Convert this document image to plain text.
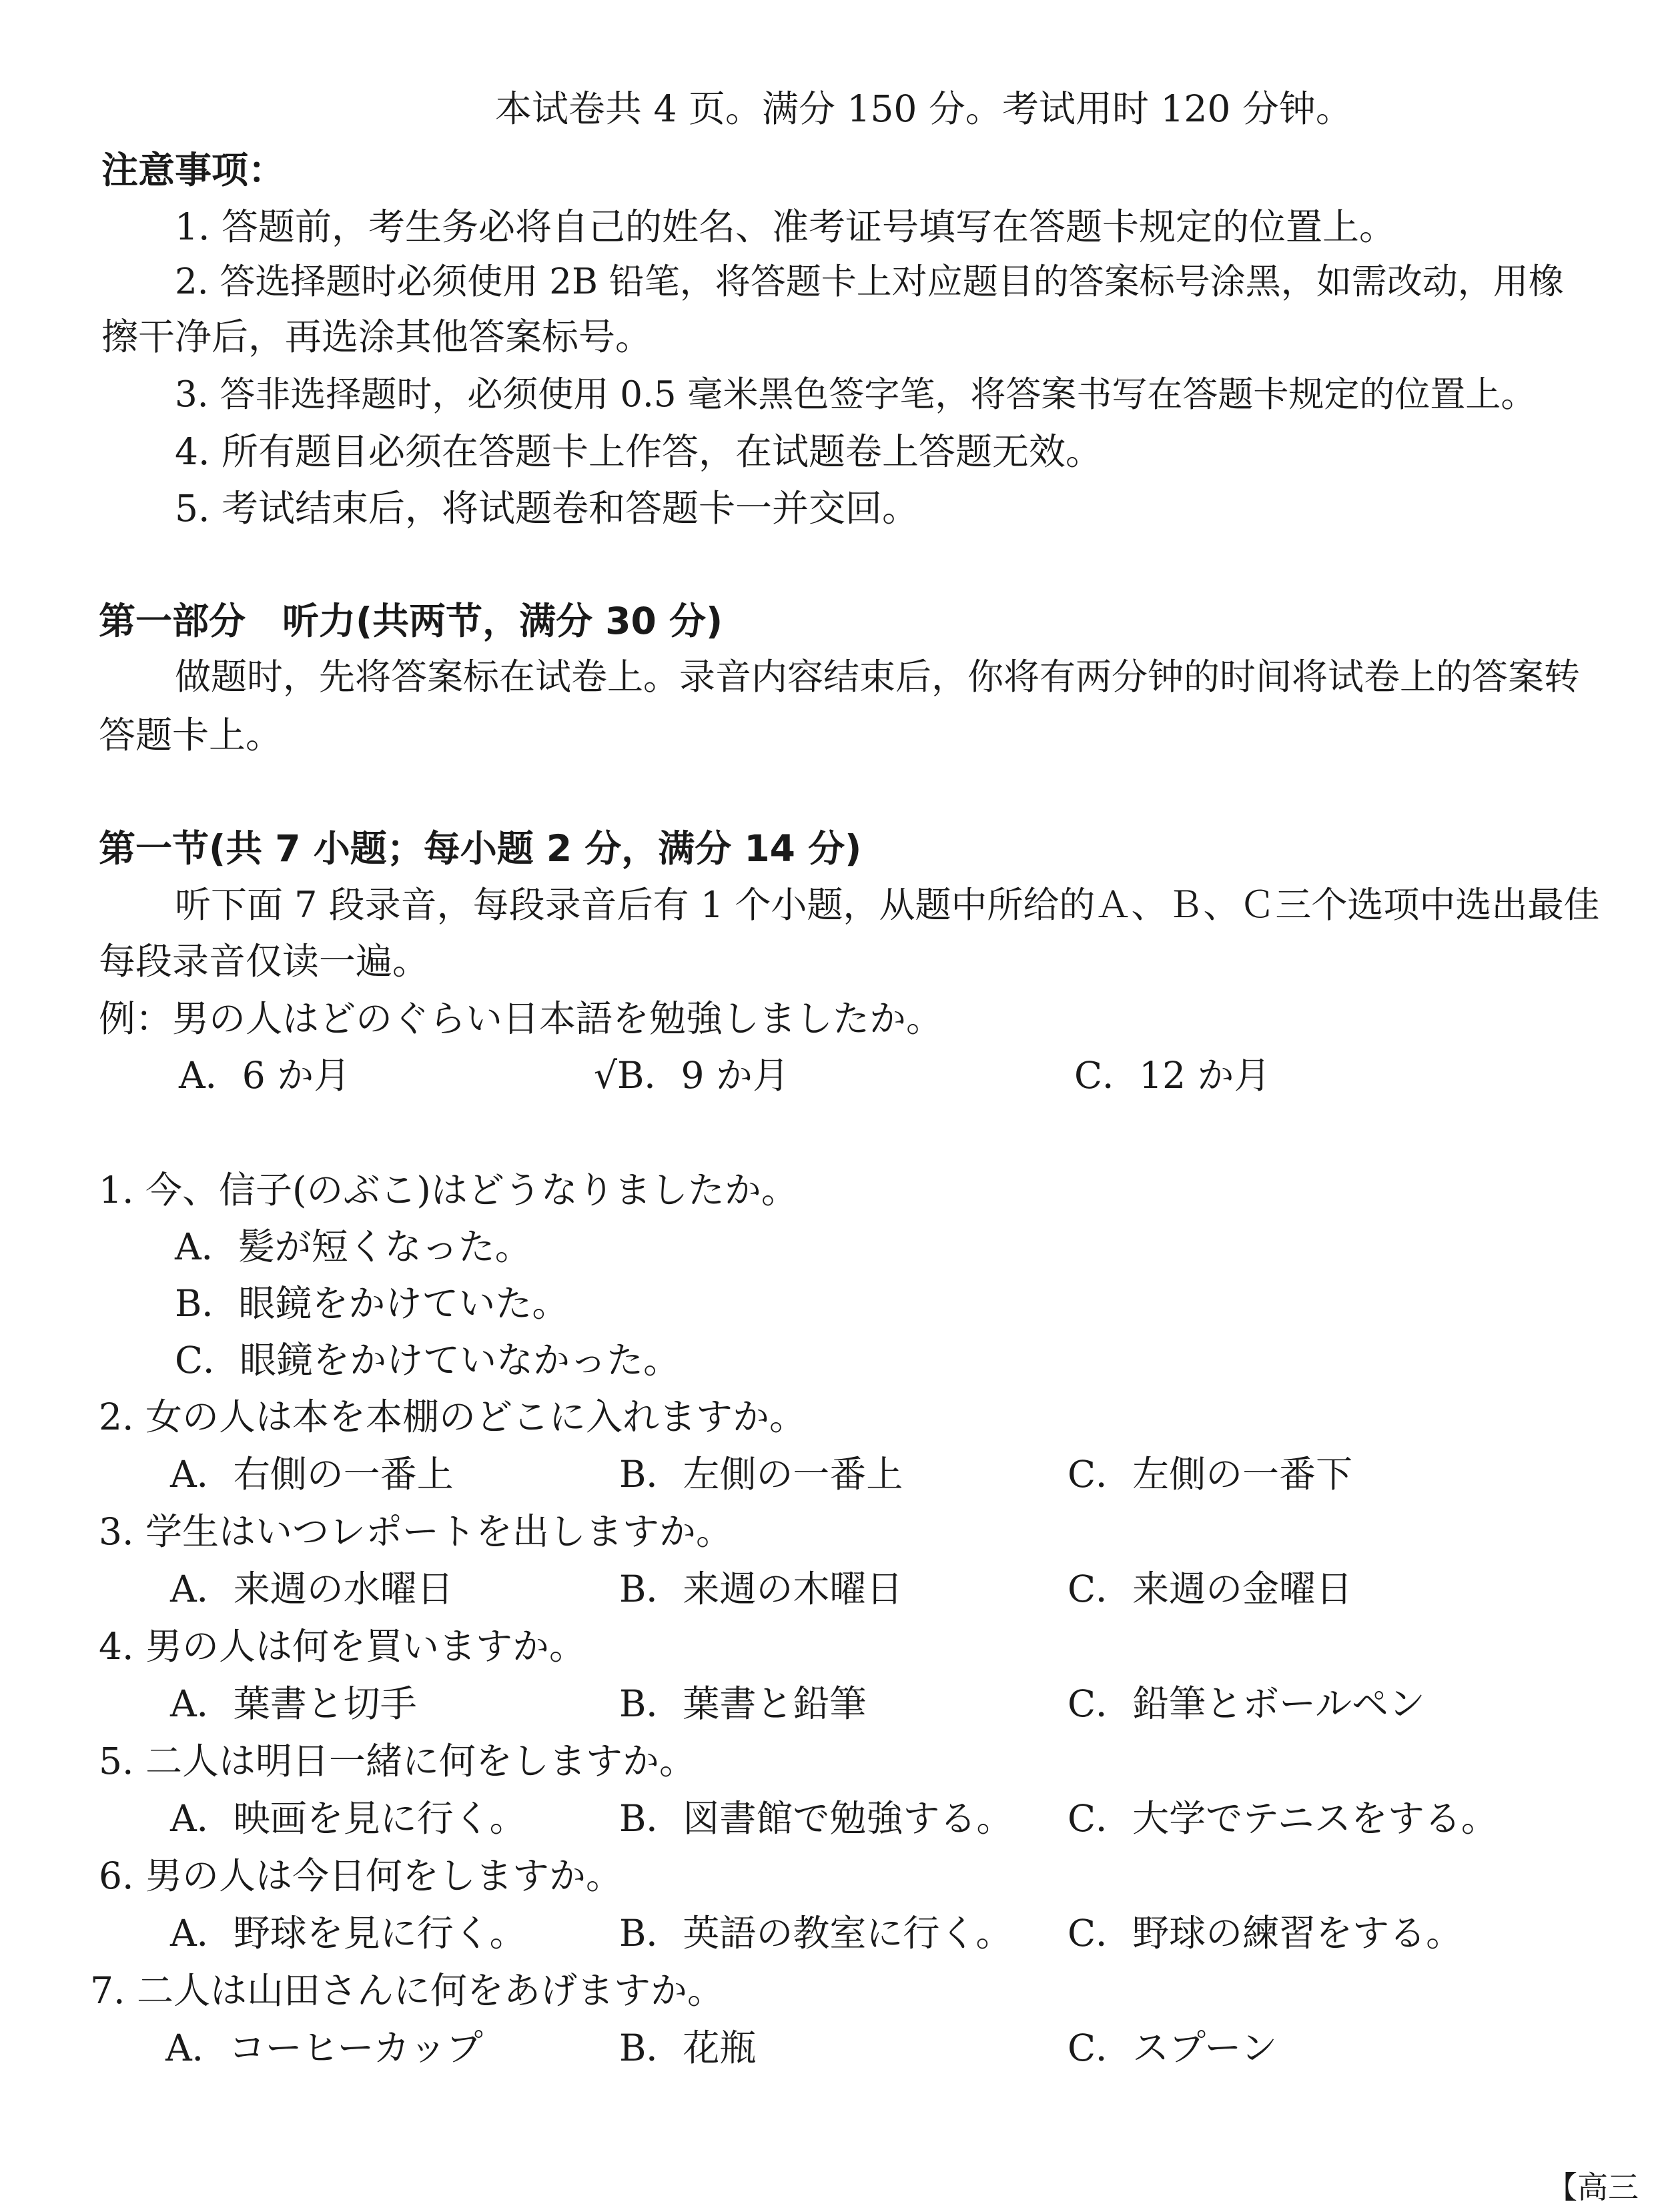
本试卷共 4 页。满分 150 分。考试用时 120 分钟。
注意事项：
1. 答题前，考生务必将自己的姓名、准考证号填写在答题卡规定的位置上。
2. 答选择题时必须使用 2B 铅笔，将答题卡上对应题目的答案标号涂黑，如需改动，用橡
擦干净后，再选涂其他答案标号。
3. 答非选择题时，必须使用 0.5 毫米黑色签字笔，将答案书写在答题卡规定的位置上。
4. 所有题目必须在答题卡上作答，在试题卷上答题无效。
5. 考试结束后，将试题卷和答题卡一并交回。
第一部分　听力(共两节，满分 30 分)
做题时，先将答案标在试卷上。录音内容结束后，你将有两分钟的时间将试卷上的答案转
答题卡上。
第一节(共 7 小题；每小题 2 分，满分 14 分)
听下面 7 段录音，每段录音后有 1 个小题，从题中所给的Ａ、Ｂ、Ｃ三个选项中选出最佳
每段录音仅读一遍。
例：男の人はどのぐらい日本語を勉強しましたか。
A．6 か月	√B．9 か月	C．12 か月
1. 今、信子(のぶこ)はどうなりましたか。
A．髪が短くなった。
B．眼鏡をかけていた。
C．眼鏡をかけていなかった。
2. 女の人は本を本棚のどこに入れますか。
A．右側の一番上	B．左側の一番上	C．左側の一番下
3. 学生はいつレポートを出しますか。
A．来週の水曜日	B．来週の木曜日	C．来週の金曜日
4. 男の人は何を買いますか。
A．葉書と切手	B．葉書と鉛筆	C．鉛筆とボールペン
5. 二人は明日一緒に何をしますか。
A．映画を見に行く。	B．図書館で勉強する。 C．大学でテニスをする。
6. 男の人は今日何をしますか。
A．野球を見に行く。	B．英語の教室に行く。 C．野球の練習をする。
7. 二人は山田さんに何をあげますか。
A．コーヒーカップ	B．花瓶	C．スプーン
【高三
